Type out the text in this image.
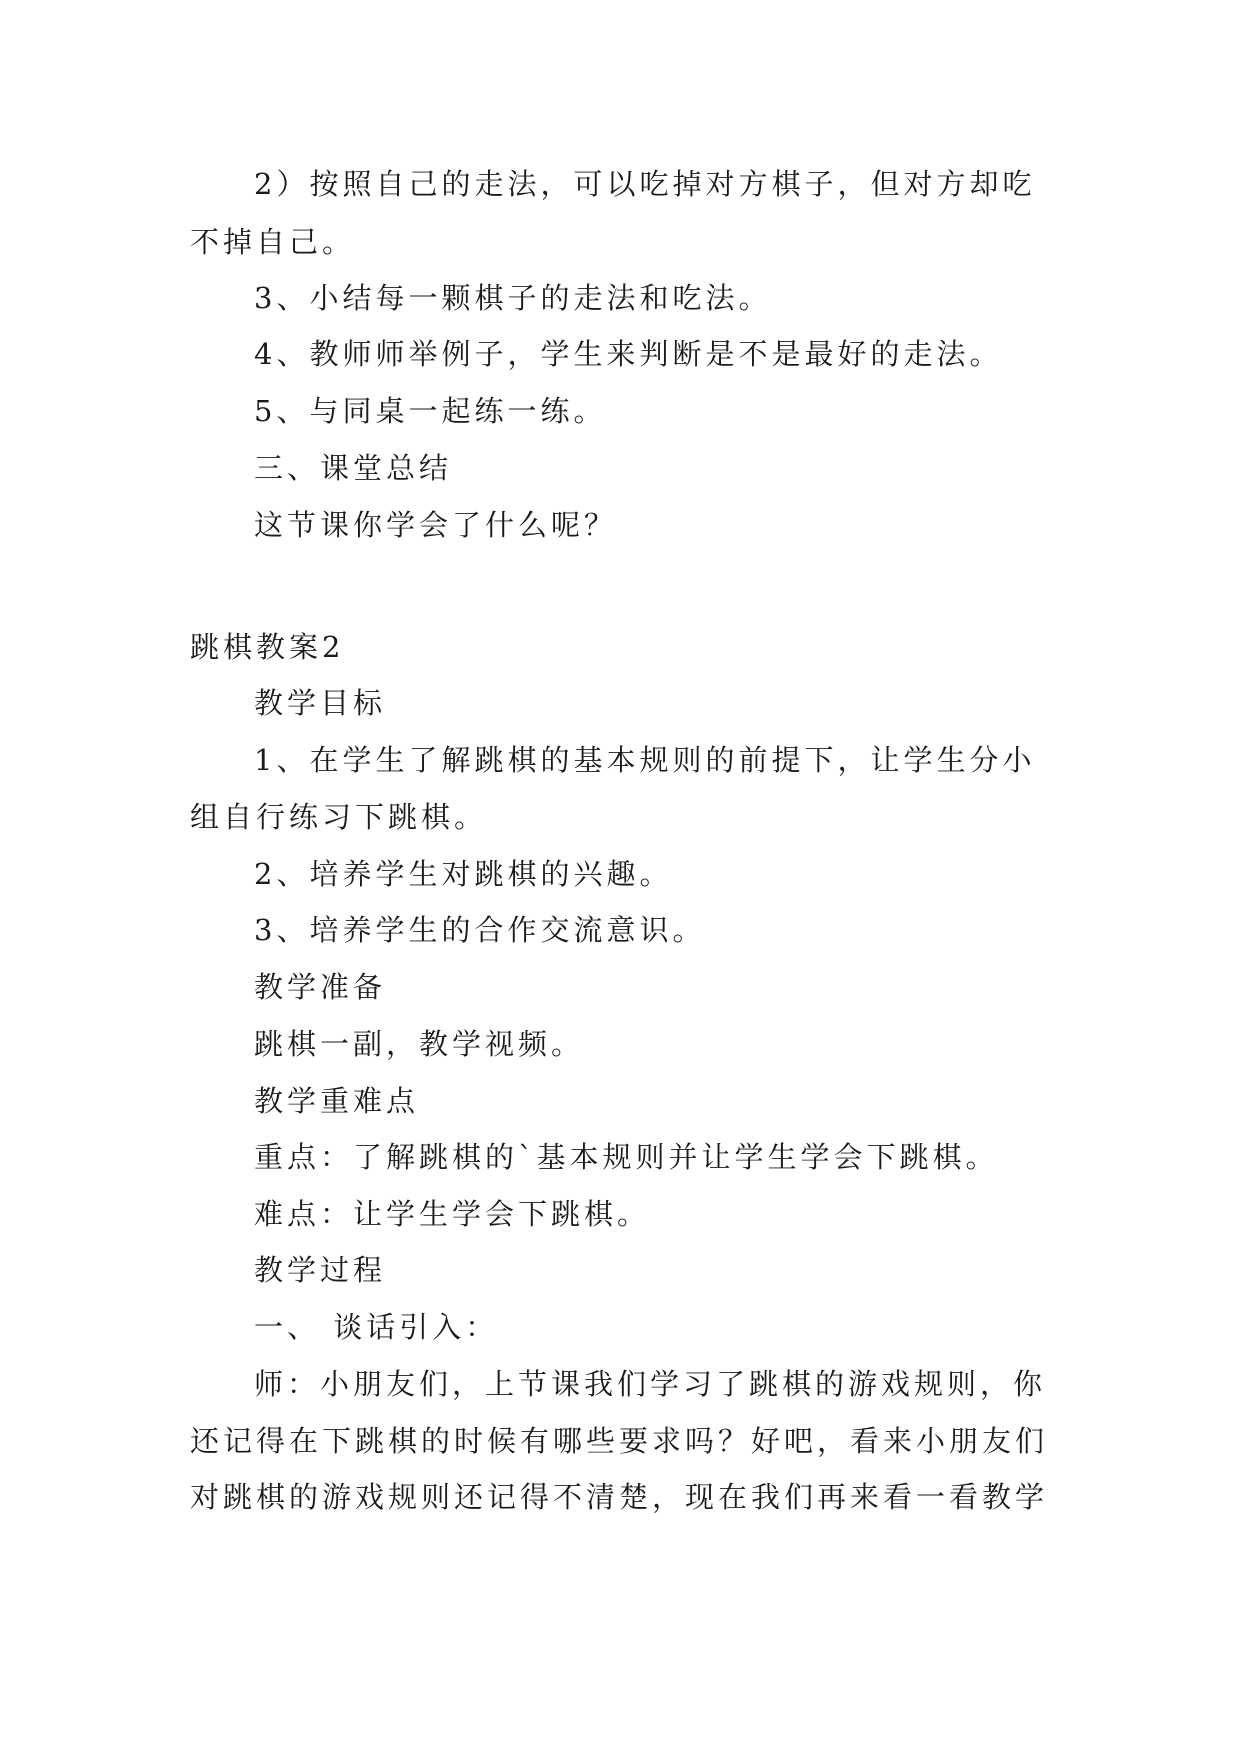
2）按照自己的走法，可以吃掉对方棋子，但对方却吃
不掉自己。
3、小结每一颗棋子的走法和吃法。
4、教师师举例子，学生来判断是不是最好的走法。
5、与同桌一起练一练。
三、课堂总结
这节课你学会了什么呢？
跳棋教案2
教学目标
1、在学生了解跳棋的基本规则的前提下，让学生分小
组自行练习下跳棋。
2、培养学生对跳棋的兴趣。
3、培养学生的合作交流意识。
教学准备
跳棋一副，教学视频。
教学重难点
重点：了解跳棋的`基本规则并让学生学会下跳棋。
难点：让学生学会下跳棋。
教学过程
一、 谈话引入：
师：小朋友们，上节课我们学习了跳棋的游戏规则，你
还记得在下跳棋的时候有哪些要求吗？好吧，看来小朋友们
对跳棋的游戏规则还记得不清楚，现在我们再来看一看教学
